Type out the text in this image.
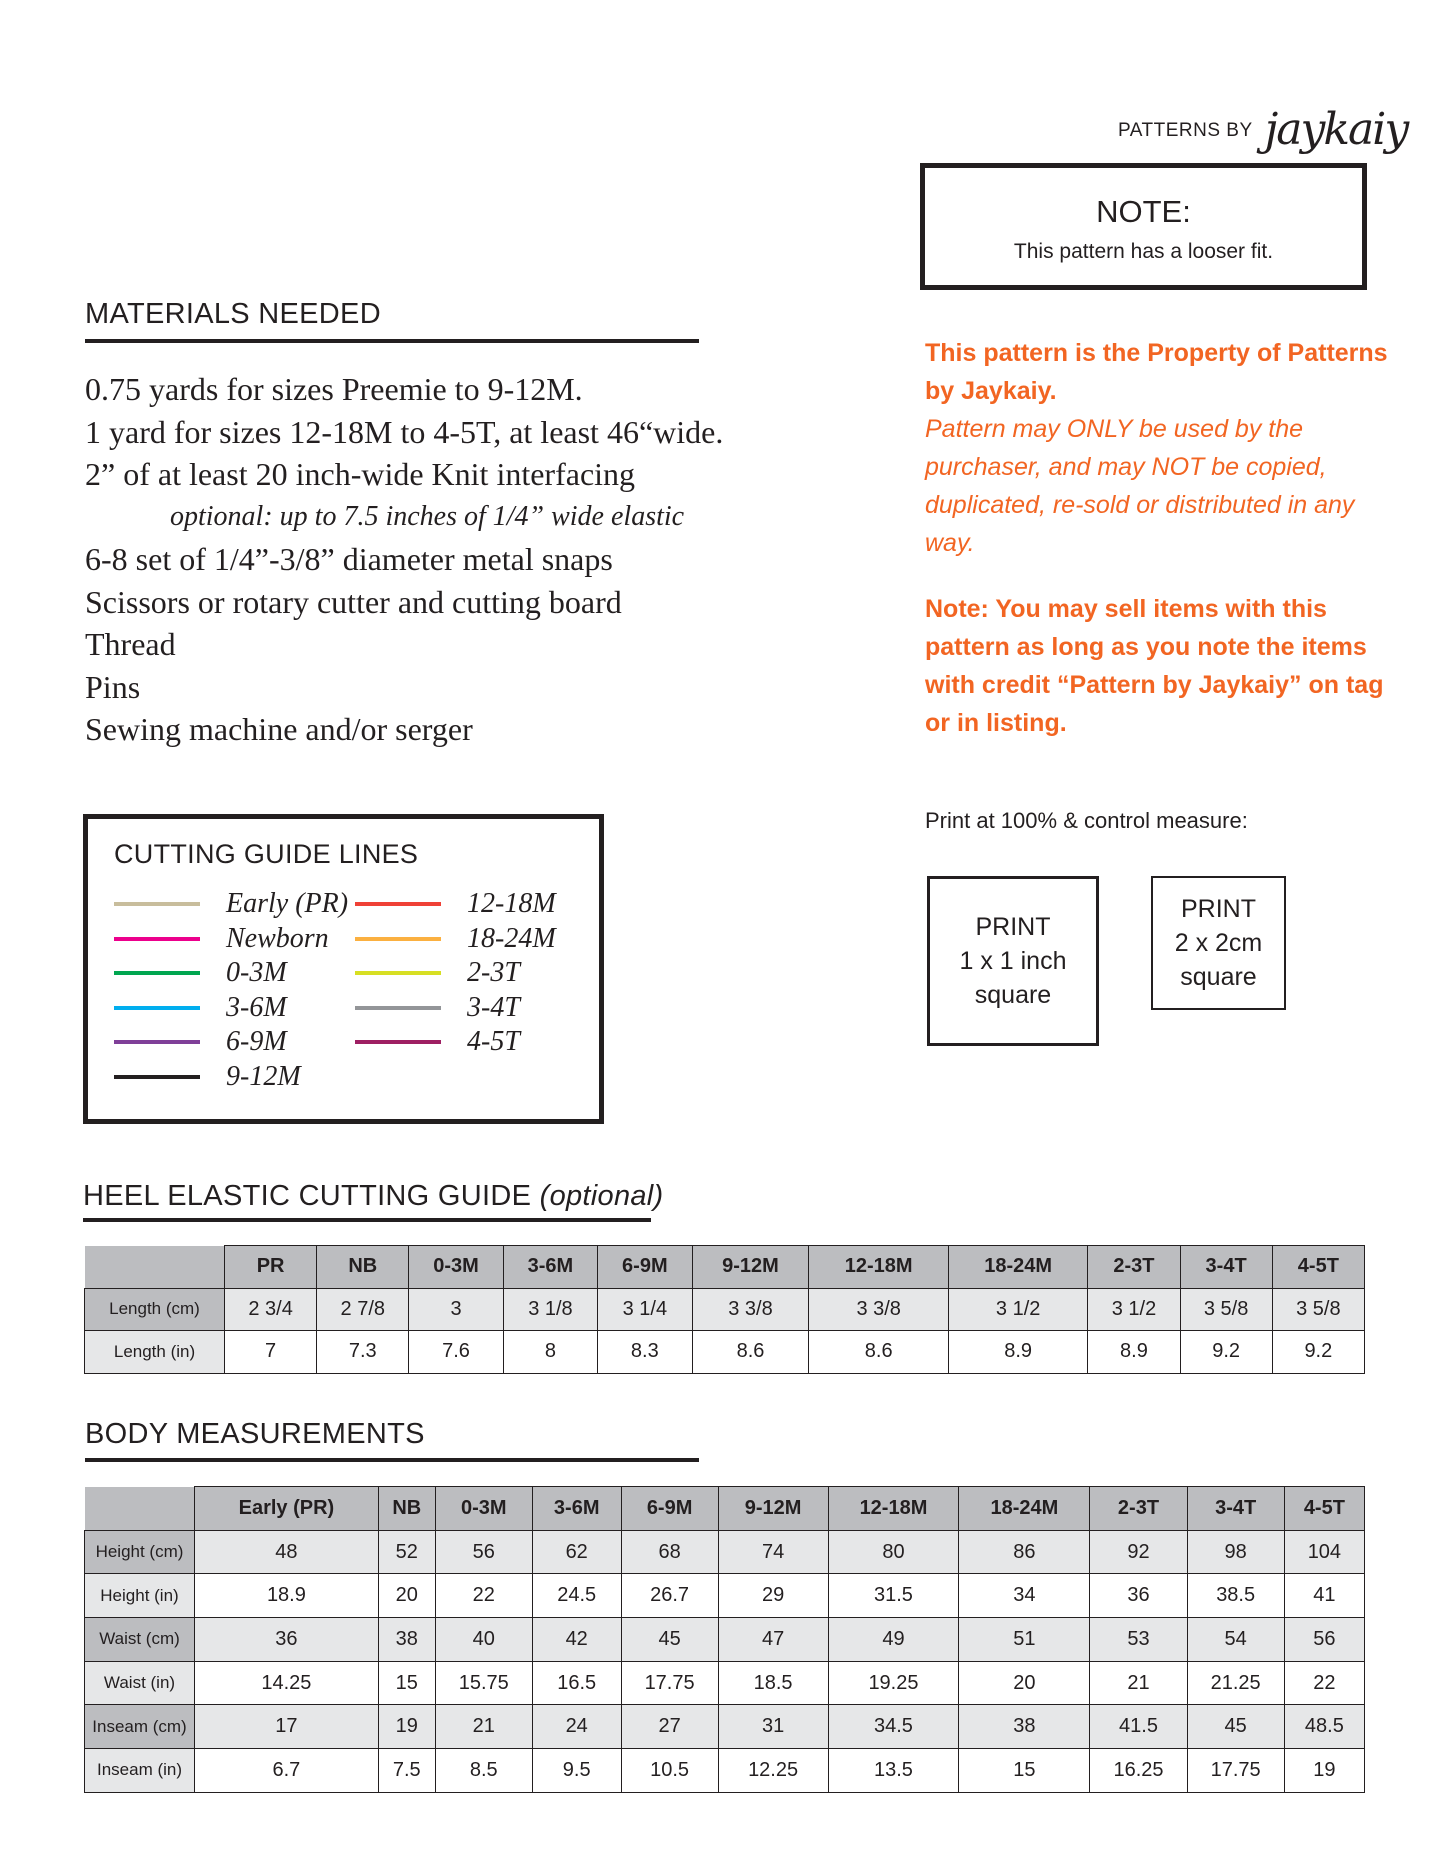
PATTERNS BY jaykaiy
NOTE:
This pattern has a looser fit.
MATERIALS NEEDED
0.75 yards for sizes Preemie to 9-12M.
1 yard for sizes 12-18M to 4-5T, at least 46“wide.
2” of at least 20 inch-wide Knit interfacing
optional: up to 7.5 inches of 1/4” wide elastic
6-8 set of 1/4”-3/8” diameter metal snaps
Scissors or rotary cutter and cutting board
Thread
Pins
Sewing machine and/or serger
This pattern is the Property of Patterns by Jaykaiy.
Pattern may ONLY be used by the purchaser, and may NOT be copied, duplicated, re-sold or distributed in any way.
Note: You may sell items with this pattern as long as you note the items with credit “Pattern by Jaykaiy” on tag or in listing.
Print at 100% & control measure:
PRINT
1 x 1 inch
square
PRINT
2 x 2cm
square
CUTTING GUIDE LINES
Early (PR)
Newborn
0-3M
3-6M
6-9M
9-12M
12-18M
18-24M
2-3T
3-4T
4-5T
HEEL ELASTIC CUTTING GUIDE (optional)
	PR	NB	0-3M	3-6M	6-9M	9-12M	12-18M	18-24M	2-3T	3-4T	4-5T
Length (cm)	2 3/4	2 7/8	3	3 1/8	3 1/4	3 3/8	3 3/8	3 1/2	3 1/2	3 5/8	3 5/8
Length (in)	7	7.3	7.6	8	8.3	8.6	8.6	8.9	8.9	9.2	9.2
BODY MEASUREMENTS
	Early (PR)	NB	0-3M	3-6M	6-9M	9-12M	12-18M	18-24M	2-3T	3-4T	4-5T
Height (cm)	48	52	56	62	68	74	80	86	92	98	104
Height (in)	18.9	20	22	24.5	26.7	29	31.5	34	36	38.5	41
Waist (cm)	36	38	40	42	45	47	49	51	53	54	56
Waist (in)	14.25	15	15.75	16.5	17.75	18.5	19.25	20	21	21.25	22
Inseam (cm)	17	19	21	24	27	31	34.5	38	41.5	45	48.5
Inseam (in)	6.7	7.5	8.5	9.5	10.5	12.25	13.5	15	16.25	17.75	19
